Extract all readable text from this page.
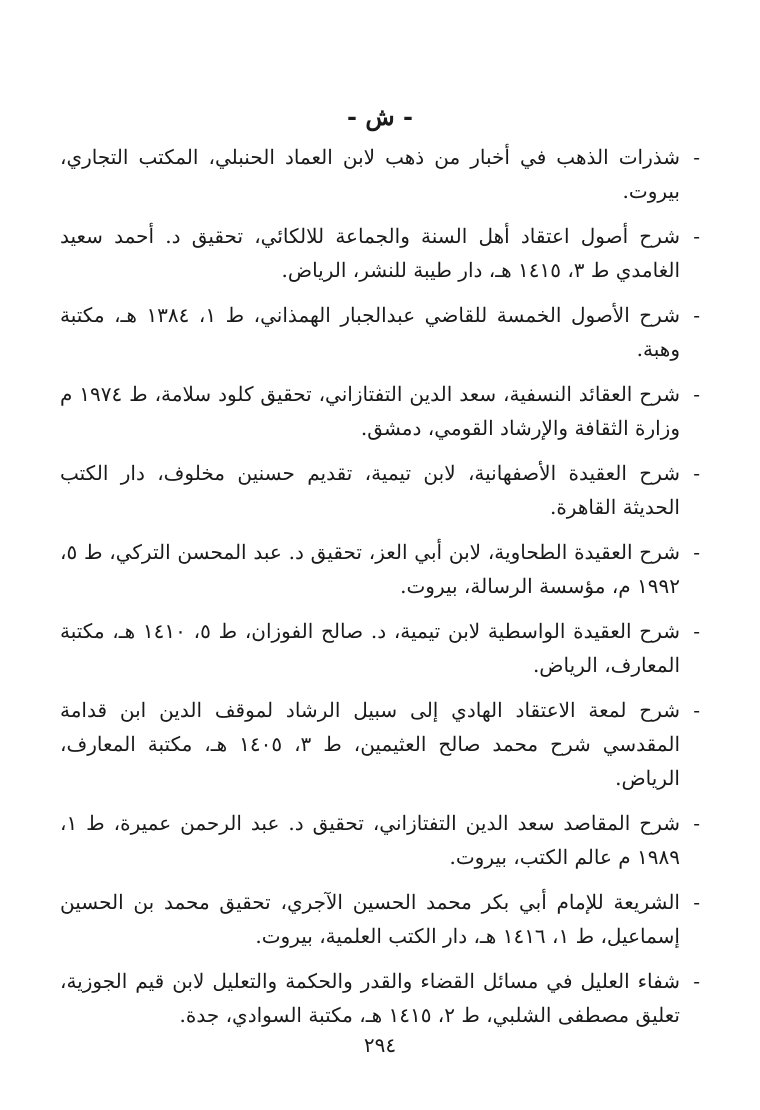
- ش -
-
شذرات الذهب في أخبار من ذهب لابن العماد الحنبلي، المكتب التجاري، بيروت.
-
شرح أصول اعتقاد أهل السنة والجماعة للالكائي، تحقيق د. أحمد سعيد الغامدي ط ٣، ١٤١٥ هـ، دار طيبة للنشر، الرياض.
-
شرح الأصول الخمسة للقاضي عبدالجبار الهمذاني، ط ١، ١٣٨٤ هـ، مكتبة وهبة.
-
شرح العقائد النسفية، سعد الدين التفتازاني، تحقيق كلود سلامة، ط ١٩٧٤ م وزارة الثقافة والإرشاد القومي، دمشق.
-
شرح العقيدة الأصفهانية، لابن تيمية، تقديم حسنين مخلوف، دار الكتب الحديثة القاهرة.
-
شرح العقيدة الطحاوية، لابن أبي العز، تحقيق د. عبد المحسن التركي، ط ٥، ١٩٩٢ م، مؤسسة الرسالة، بيروت.
-
شرح العقيدة الواسطية لابن تيمية، د. صالح الفوزان، ط ٥، ١٤١٠ هـ، مكتبة المعارف، الرياض.
-
شرح لمعة الاعتقاد الهادي إلى سبيل الرشاد لموقف الدين ابن قدامة المقدسي شرح محمد صالح العثيمين، ط ٣، ١٤٠٥ هـ، مكتبة المعارف، الرياض.
-
شرح المقاصد سعد الدين التفتازاني، تحقيق د. عبد الرحمن عميرة، ط ١، ١٩٨٩ م عالم الكتب، بيروت.
-
الشريعة للإمام أبي بكر محمد الحسين الآجري، تحقيق محمد بن الحسين إسماعيل، ط ١، ١٤١٦ هـ، دار الكتب العلمية، بيروت.
-
شفاء العليل في مسائل القضاء والقدر والحكمة والتعليل لابن قيم الجوزية، تعليق مصطفى الشلبي، ط ٢، ١٤١٥ هـ، مكتبة السوادي، جدة.
٢٩٤
